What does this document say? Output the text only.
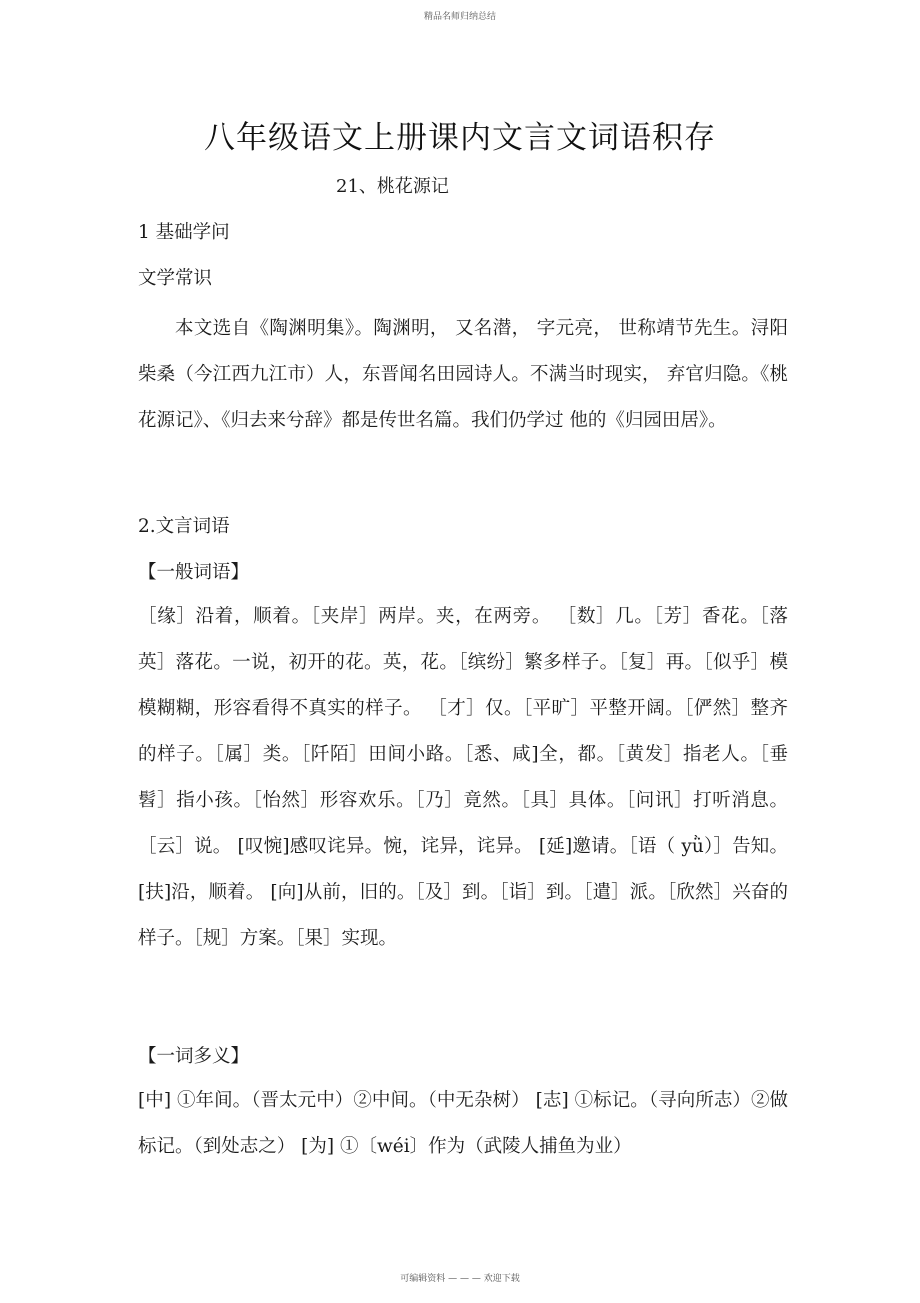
精品名师归纳总结
八年级语文上册课内文言文词语积存
21、桃花源记
1 基础学问
文学常识
本文选自《陶渊明集》。陶渊明， 又名潜， 字元亮， 世称靖节先生。浔阳柴桑（今江西九江市）人，东晋闻名田园诗人。不满当时现实， 弃官归隐。《桃花源记》、《归去来兮辞》都是传世名篇。我们仍学过 他的《归园田居》。
2.文言词语
【一般词语】
［缘］沿着，顺着。［夹岸］两岸。夹，在两旁。 ［数］几。［芳］香花。［落英］落花。一说，初开的花。英，花。［缤纷］繁多样子。［复］再。［似乎］模模糊糊，形容看得不真实的样子。 ［才］仅。［平旷］平整开阔。［俨然］整齐的样子。［属］类。［阡陌］田间小路。［悉、咸]全，都。［黄发］指老人。［垂髫］指小孩。［怡然］形容欢乐。［乃］竟然。［具］具体。［问讯］打听消息。［云］说。 [叹惋]感叹诧异。惋，诧异，诧异。 [延]邀请。［语（ yǜ）］告知。 [扶]沿，顺着。 [向]从前，旧的。［及］到。［诣］到。［遣］派。［欣然］兴奋的样子。［规］方案。［果］实现。
【一词多义】
[中] ①年间。（晋太元中）②中间。（中无杂树） [志] ①标记。（寻向所志）②做标记。（到处志之） [为] ①〔wéi〕作为（武陵人捕鱼为业）
可编辑资料 — — — 欢迎下载
